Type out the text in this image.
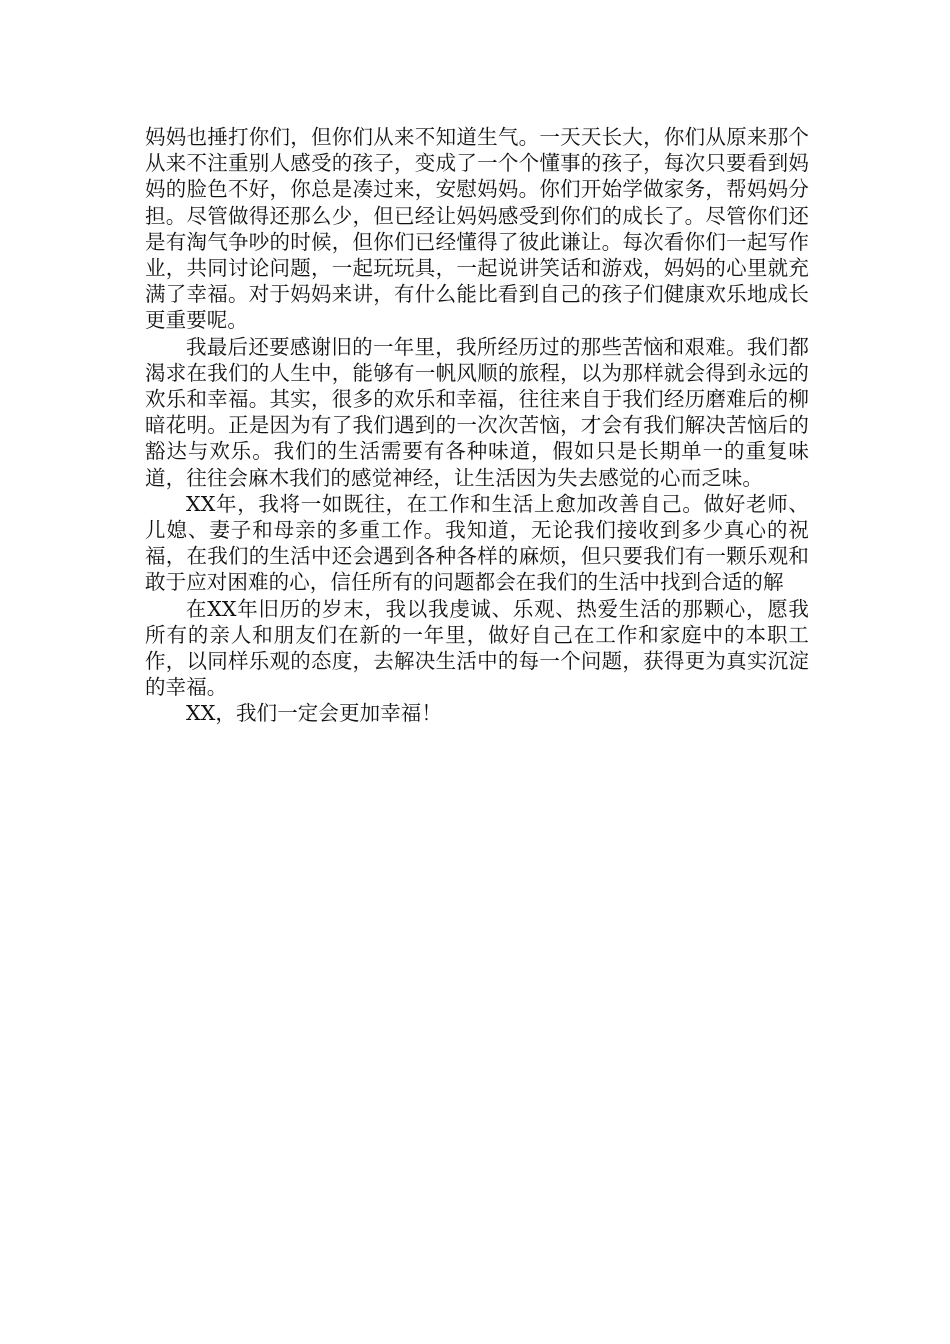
妈妈也捶打你们，但你们从来不知道生气。一天天长大，你们从原来那个从来不注重别人感受的孩子，变成了一个个懂事的孩子，每次只要看到妈妈的脸色不好，你总是凑过来，安慰妈妈。你们开始学做家务，帮妈妈分担。尽管做得还那么少，但已经让妈妈感受到你们的成长了。尽管你们还是有淘气争吵的时候，但你们已经懂得了彼此谦让。每次看你们一起写作业，共同讨论问题，一起玩玩具，一起说讲笑话和游戏，妈妈的心里就充满了幸福。对于妈妈来讲，有什么能比看到自己的孩子们健康欢乐地成长更重要呢。

我最后还要感谢旧的一年里，我所经历过的那些苦恼和艰难。我们都渴求在我们的人生中，能够有一帆风顺的旅程，以为那样就会得到永远的欢乐和幸福。其实，很多的欢乐和幸福，往往来自于我们经历磨难后的柳暗花明。正是因为有了我们遇到的一次次苦恼，才会有我们解决苦恼后的豁达与欢乐。我们的生活需要有各种味道，假如只是长期单一的重复味道，往往会麻木我们的感觉神经，让生活因为失去感觉的心而乏味。

XX年，我将一如既往，在工作和生活上愈加改善自己。做好老师、儿媳、妻子和母亲的多重工作。我知道，无论我们接收到多少真心的祝福，在我们的生活中还会遇到各种各样的麻烦，但只要我们有一颗乐观和敢于应对困难的心，信任所有的问题都会在我们的生活中找到合适的解

在XX年旧历的岁末，我以我虔诚、乐观、热爱生活的那颗心，愿我所有的亲人和朋友们在新的一年里，做好自己在工作和家庭中的本职工作，以同样乐观的态度，去解决生活中的每一个问题，获得更为真实沉淀的幸福。

XX，我们一定会更加幸福！
